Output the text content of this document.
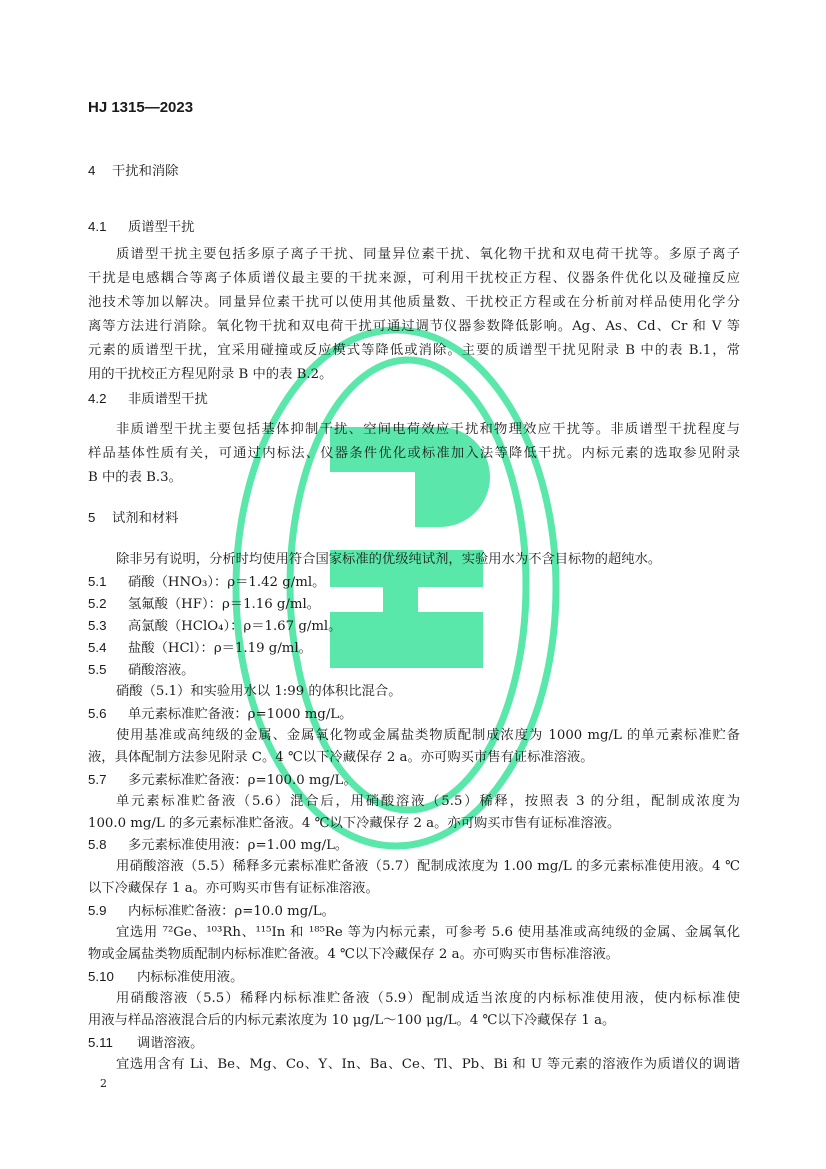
HJ 1315—2023
4 干扰和消除
4.1 质谱型干扰
质谱型干扰主要包括多原子离子干扰、同量异位素干扰、氧化物干扰和双电荷干扰等。多原子离子
干扰是电感耦合等离子体质谱仪最主要的干扰来源，可利用干扰校正方程、仪器条件优化以及碰撞反应
池技术等加以解决。同量异位素干扰可以使用其他质量数、干扰校正方程或在分析前对样品使用化学分
离等方法进行消除。氧化物干扰和双电荷干扰可通过调节仪器参数降低影响。Ag、As、Cd、Cr 和 V 等
元素的质谱型干扰，宜采用碰撞或反应模式等降低或消除。主要的质谱型干扰见附录 B 中的表 B.1，常
用的干扰校正方程见附录 B 中的表 B.2。
4.2 非质谱型干扰
非质谱型干扰主要包括基体抑制干扰、空间电荷效应干扰和物理效应干扰等。非质谱型干扰程度与
样品基体性质有关，可通过内标法、仪器条件优化或标准加入法等降低干扰。内标元素的选取参见附录
B 中的表 B.3。
5 试剂和材料
除非另有说明，分析时均使用符合国家标准的优级纯试剂，实验用水为不含目标物的超纯水。
5.1 硝酸（HNO₃）：ρ＝1.42 g/ml。
5.2 氢氟酸（HF）：ρ＝1.16 g/ml。
5.3 高氯酸（HClO₄）：ρ＝1.67 g/ml。
5.4 盐酸（HCl）：ρ＝1.19 g/ml。
5.5 硝酸溶液。
硝酸（5.1）和实验用水以 1:99 的体积比混合。
5.6 单元素标准贮备液：ρ=1000 mg/L。
使用基准或高纯级的金属、金属氧化物或金属盐类物质配制成浓度为 1000 mg/L 的单元素标准贮备
液，具体配制方法参见附录 C。4 ℃以下冷藏保存 2 a。亦可购买市售有证标准溶液。
5.7 多元素标准贮备液：ρ=100.0 mg/L。
单元素标准贮备液（5.6）混合后，用硝酸溶液（5.5）稀释，按照表 3 的分组，配制成浓度为
100.0 mg/L 的多元素标准贮备液。4 ℃以下冷藏保存 2 a。亦可购买市售有证标准溶液。
5.8 多元素标准使用液：ρ=1.00 mg/L。
用硝酸溶液（5.5）稀释多元素标准贮备液（5.7）配制成浓度为 1.00 mg/L 的多元素标准使用液。4 ℃
以下冷藏保存 1 a。亦可购买市售有证标准溶液。
5.9 内标标准贮备液：ρ=10.0 mg/L。
宜选用 ⁷²Ge、¹⁰³Rh、¹¹⁵In 和 ¹⁸⁵Re 等为内标元素，可参考 5.6 使用基准或高纯级的金属、金属氧化
物或金属盐类物质配制内标标准贮备液。4 ℃以下冷藏保存 2 a。亦可购买市售标准溶液。
5.10 内标标准使用液。
用硝酸溶液（5.5）稀释内标标准贮备液（5.9）配制成适当浓度的内标标准使用液，使内标标准使
用液与样品溶液混合后的内标元素浓度为 10 μg/L～100 μg/L。4 ℃以下冷藏保存 1 a。
5.11 调谐溶液。
宜选用含有 Li、Be、Mg、Co、Y、In、Ba、Ce、Tl、Pb、Bi 和 U 等元素的溶液作为质谱仪的调谐
2
